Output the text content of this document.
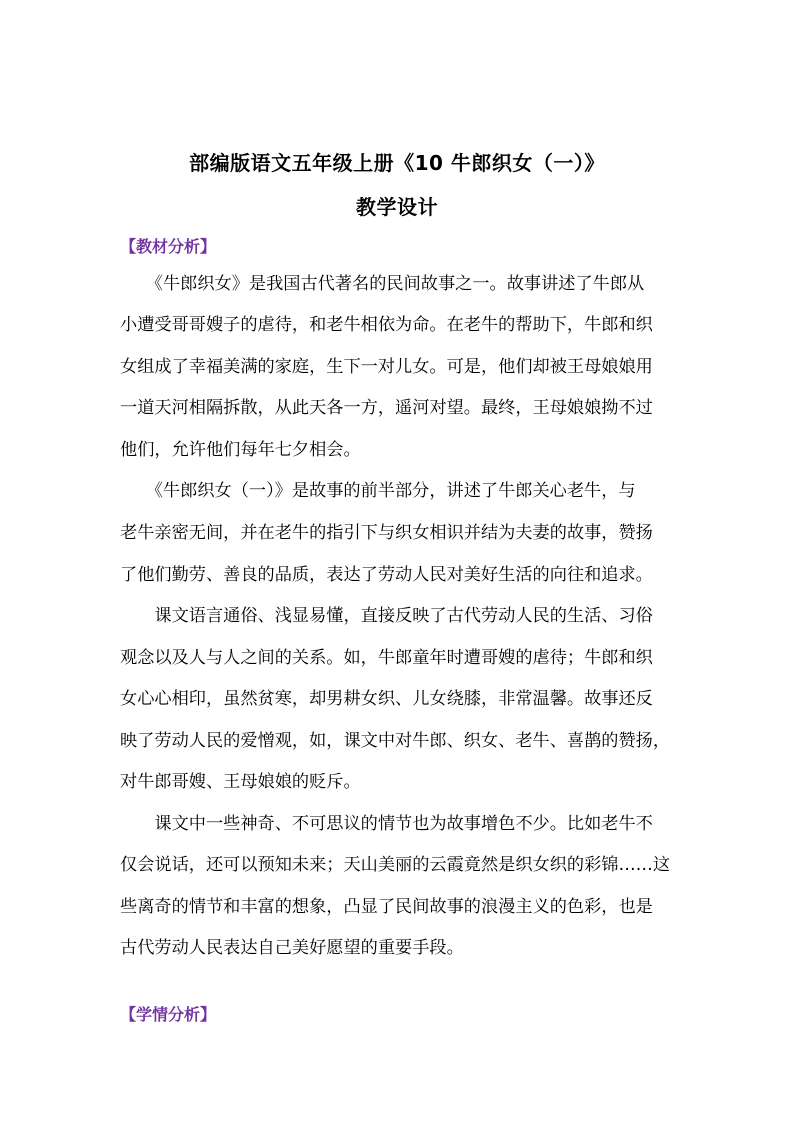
部编版语文五年级上册《10 牛郎织女（一）》
教学设计
【教材分析】
　　《牛郎织女》是我国古代著名的民间故事之一。故事讲述了牛郎从
小遭受哥哥嫂子的虐待，和老牛相依为命。在老牛的帮助下，牛郎和织
女组成了幸福美满的家庭，生下一对儿女。可是，他们却被王母娘娘用
一道天河相隔拆散，从此天各一方，遥河对望。最终，王母娘娘拗不过
他们，允许他们每年七夕相会。
　　《牛郎织女（一）》是故事的前半部分，讲述了牛郎关心老牛，与
老牛亲密无间，并在老牛的指引下与织女相识并结为夫妻的故事，赞扬
了他们勤劳、善良的品质，表达了劳动人民对美好生活的向往和追求。
　　课文语言通俗、浅显易懂，直接反映了古代劳动人民的生活、习俗
观念以及人与人之间的关系。如，牛郎童年时遭哥嫂的虐待；牛郎和织
女心心相印，虽然贫寒，却男耕女织、儿女绕膝，非常温馨。故事还反
映了劳动人民的爱憎观，如，课文中对牛郎、织女、老牛、喜鹊的赞扬，
对牛郎哥嫂、王母娘娘的贬斥。
　　课文中一些神奇、不可思议的情节也为故事增色不少。比如老牛不
仅会说话，还可以预知未来；天山美丽的云霞竟然是织女织的彩锦……这
些离奇的情节和丰富的想象，凸显了民间故事的浪漫主义的色彩，也是
古代劳动人民表达自己美好愿望的重要手段。
【学情分析】
